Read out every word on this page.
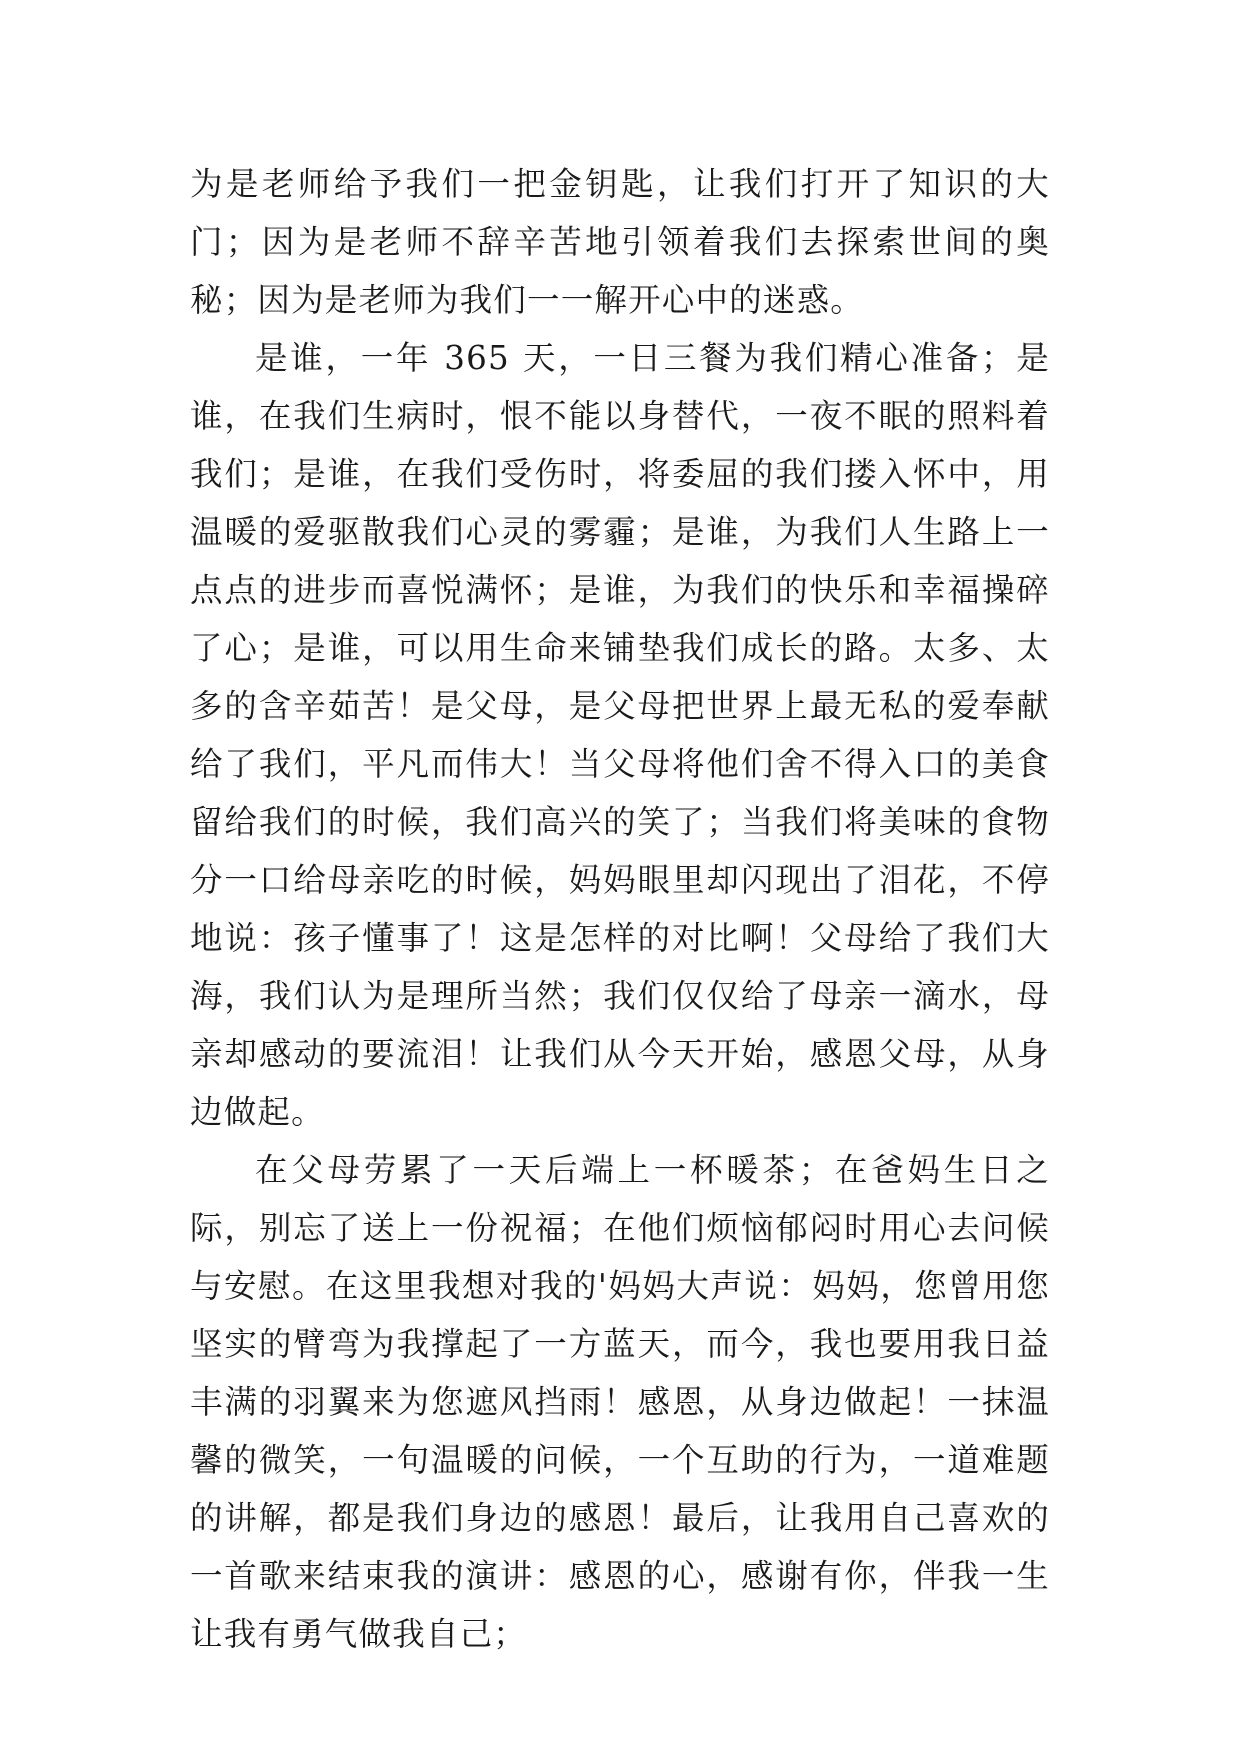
为是老师给予我们一把金钥匙，让我们打开了知识的大门；因为是老师不辞辛苦地引领着我们去探索世间的奥秘；因为是老师为我们一一解开心中的迷惑。

是谁，一年 365 天，一日三餐为我们精心准备；是谁，在我们生病时，恨不能以身替代，一夜不眠的照料着我们；是谁，在我们受伤时，将委屈的我们搂入怀中，用温暖的爱驱散我们心灵的雾霾；是谁，为我们人生路上一点点的进步而喜悦满怀；是谁，为我们的快乐和幸福操碎了心；是谁，可以用生命来铺垫我们成长的路。太多、太多的含辛茹苦！是父母，是父母把世界上最无私的爱奉献给了我们，平凡而伟大！当父母将他们舍不得入口的美食留给我们的时候，我们高兴的笑了；当我们将美味的食物分一口给母亲吃的时候，妈妈眼里却闪现出了泪花，不停地说：孩子懂事了！这是怎样的对比啊！父母给了我们大海，我们认为是理所当然；我们仅仅给了母亲一滴水，母亲却感动的要流泪！让我们从今天开始，感恩父母，从身边做起。

在父母劳累了一天后端上一杯暖茶；在爸妈生日之际，别忘了送上一份祝福；在他们烦恼郁闷时用心去问候与安慰。在这里我想对我的'妈妈大声说：妈妈，您曾用您坚实的臂弯为我撑起了一方蓝天，而今，我也要用我日益丰满的羽翼来为您遮风挡雨！感恩，从身边做起！一抹温馨的微笑，一句温暖的问候，一个互助的行为，一道难题的讲解，都是我们身边的感恩！最后，让我用自己喜欢的一首歌来结束我的演讲：感恩的心，感谢有你，伴我一生让我有勇气做我自己；
